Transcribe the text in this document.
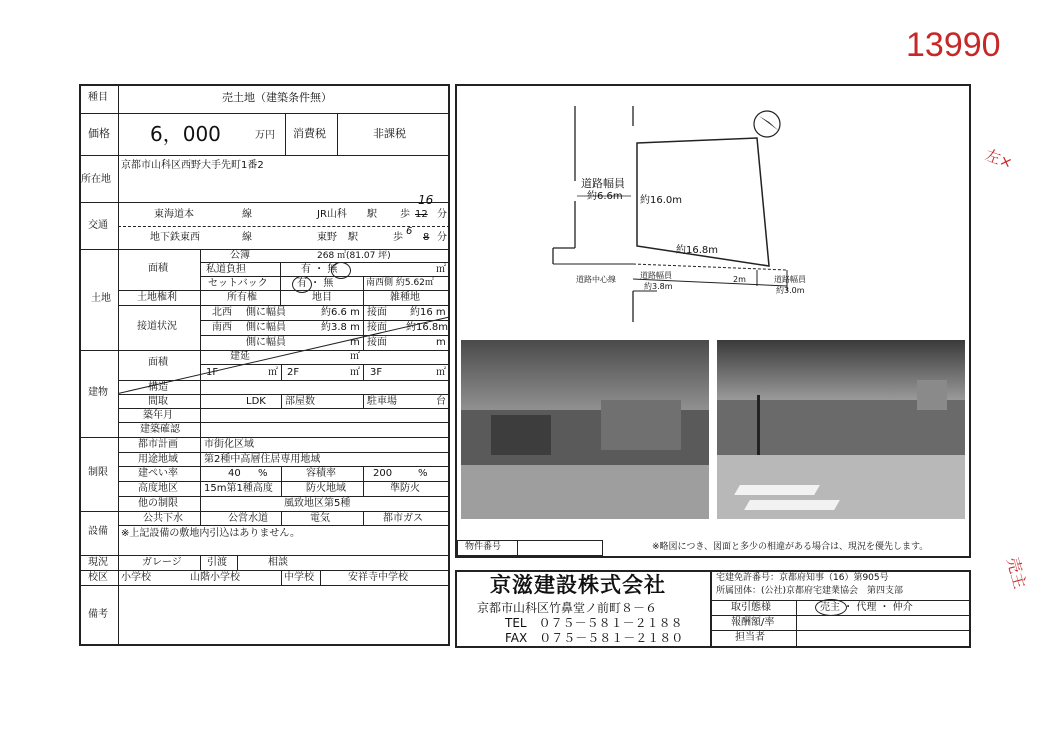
13990
左×
売主
種目	売土地（建築条件無）
価格 6，000	万円 消費税	非課税
所在地
京都市山科区西野大手先町1番2
交通
東海道本	線	JR山科 駅 歩 12 分
16
地下鉄東西	線	東野 駅	歩 8 分
6
土地
面積
公簿	268 ㎡(81.07 坪)
私道負担	有 ・ 無	㎡
セットバック	有 ・ 無	南西側 約5.62㎡
土地権利	所有権	地目	雑種地
接道状況
北西 側に幅員	約6.6 m 接面 約16 m
南西 側に幅員	約3.8 m 接面 約16.8m
側に幅員	m 接面	m
建物
面積
建延	㎡
1F	㎡ 2F	㎡ 3F	㎡
構造
間取	LDK 部屋数	駐車場	台
築年月
建築確認
制限
都市計画	市街化区域
用途地域	第2種中高層住居専用地域
建ぺい率	40 %	容積率	200	%
高度地区	15m第1種高度	防火地域	準防火
他の制限	風致地区第5種
設備
公共下水	公営水道	電気	都市ガス
※上記設備の敷地内引込はありません。
現況	ガレージ	引渡	相談
校区 小学校	山階小学校	中学校	安祥寺中学校
備考
道路幅員
約6.6m 約16.0m
約16.8m
道路中心線	道路幅員
約3.8m
2m	道路幅員
約3.0m
物件番号	※略図につき、図面と多少の相違がある場合は、現況を優先します。
京滋建設株式会社
京都市山科区竹鼻堂ノ前町８－６
TEL　０７５－５８１－２１８８
FAX　０７５－５８１－２１８０
宅建免許番号：京都府知事（16）第905号
所属団体：(公社)京都府宅建業協会　第四支部
取引態様	売主 ・ 代理 ・ 仲介
報酬額/率
担当者
